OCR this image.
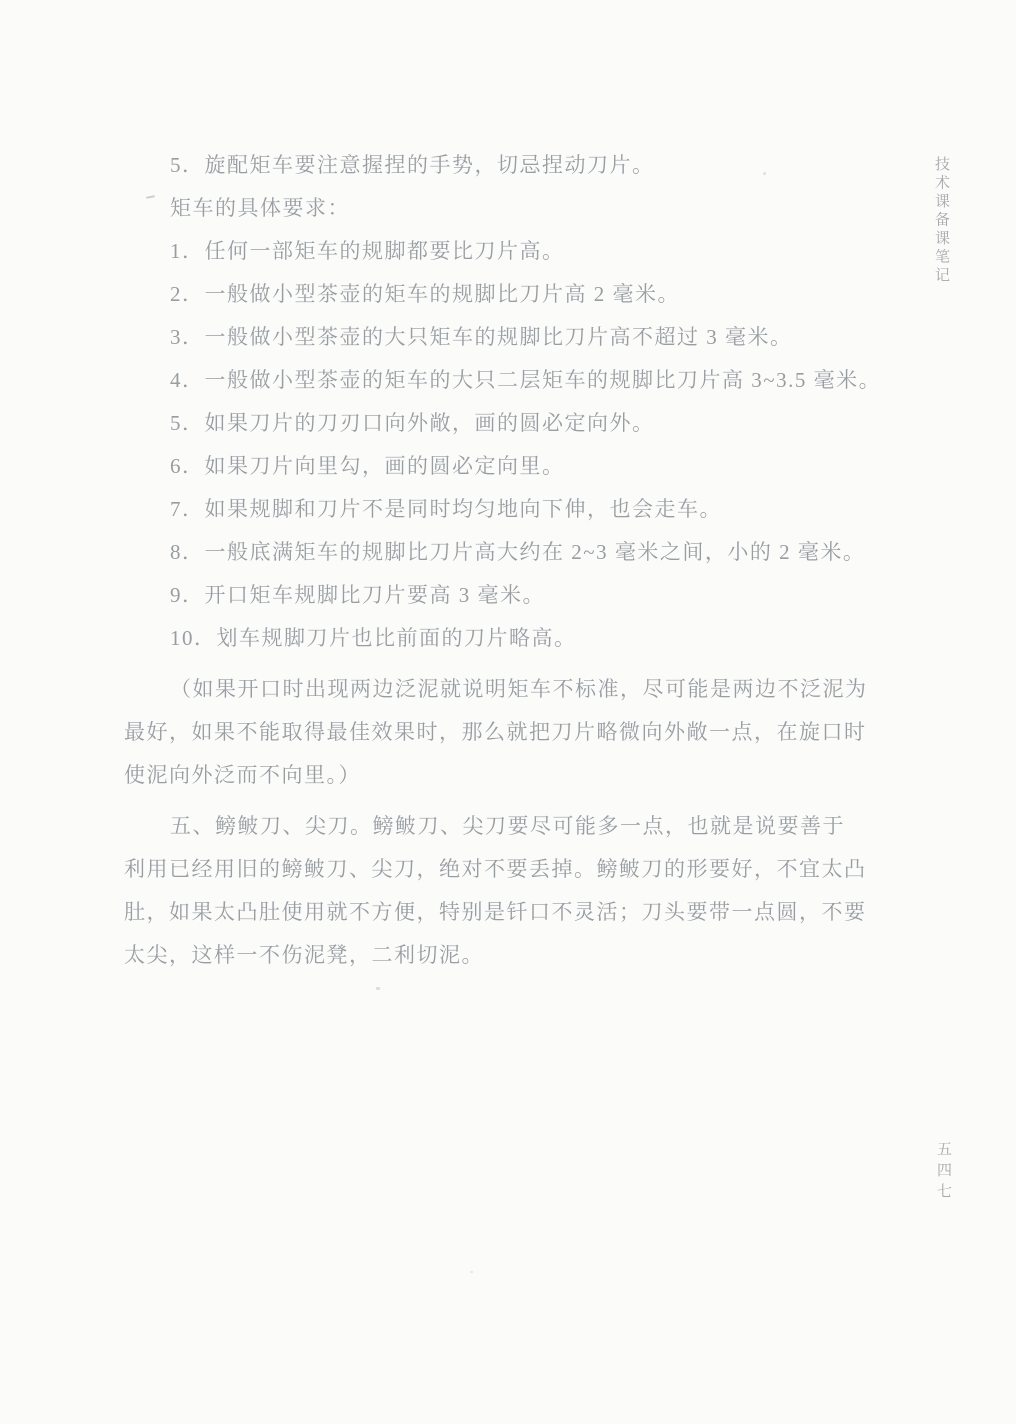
5．旋配矩车要注意握捏的手势，切忌捏动刀片。
矩车的具体要求：
1．任何一部矩车的规脚都要比刀片高。
2．一般做小型茶壶的矩车的规脚比刀片高 2 毫米。
3．一般做小型茶壶的大只矩车的规脚比刀片高不超过 3 毫米。
4．一般做小型茶壶的矩车的大只二层矩车的规脚比刀片高 3~3.5 毫米。
5．如果刀片的刀刃口向外敞，画的圆必定向外。
6．如果刀片向里勾，画的圆必定向里。
7．如果规脚和刀片不是同时均匀地向下伸，也会走车。
8．一般底满矩车的规脚比刀片高大约在 2~3 毫米之间，小的 2 毫米。
9．开口矩车规脚比刀片要高 3 毫米。
10．划车规脚刀片也比前面的刀片略高。
（如果开口时出现两边泛泥就说明矩车不标准，尽可能是两边不泛泥为
最好，如果不能取得最佳效果时，那么就把刀片略微向外敞一点，在旋口时
使泥向外泛而不向里。）
五、鳑鲏刀、尖刀。鳑鲏刀、尖刀要尽可能多一点，也就是说要善于
利用已经用旧的鳑鲏刀、尖刀，绝对不要丢掉。鳑鲏刀的形要好，不宜太凸
肚，如果太凸肚使用就不方便，特别是钎口不灵活；刀头要带一点圆，不要
太尖，这样一不伤泥凳，二利切泥。
技术课备课笔记
五四七
